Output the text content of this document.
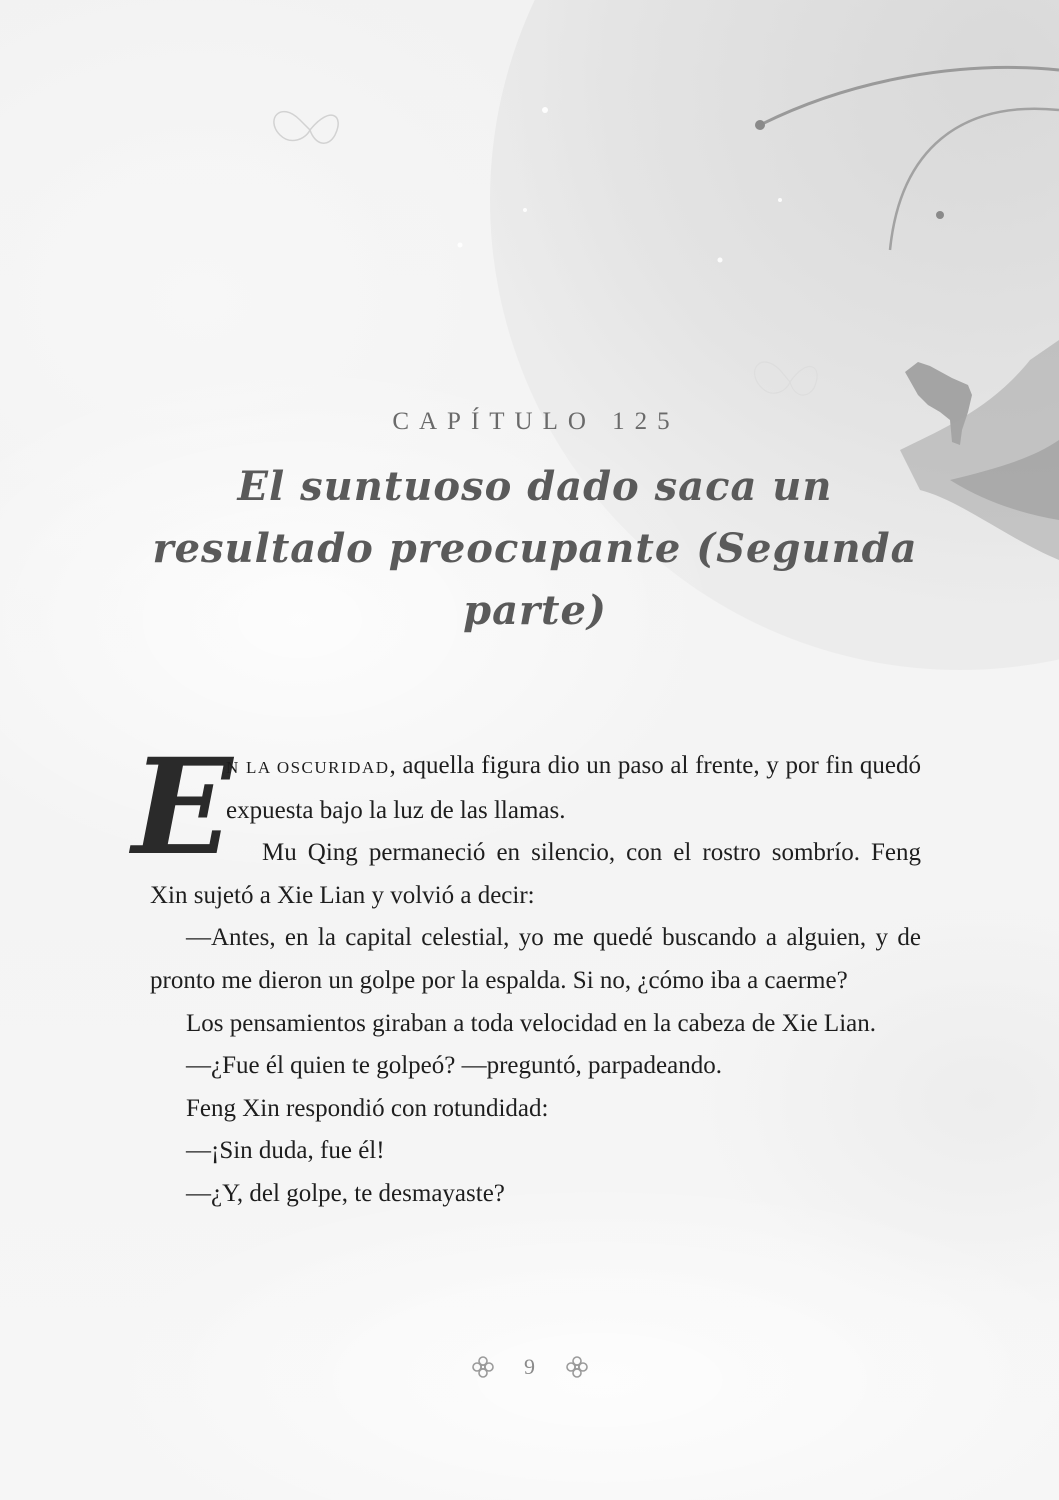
CAPÍTULO 125
El suntuoso dado saca un resultado preocupante (Segunda parte)

E
N LA OSCURIDAD, aquella figura dio un paso al frente, y por fin quedó expuesta bajo la luz de las llamas.

Mu Qing permaneció en silencio, con el rostro sombrío. Feng Xin sujetó a Xie Lian y volvió a decir:

—Antes, en la capital celestial, yo me quedé buscando a alguien, y de pronto me dieron un golpe por la espalda. Si no, ¿cómo iba a caerme?

Los pensamientos giraban a toda velocidad en la cabeza de Xie Lian.

—¿Fue él quien te golpeó? —preguntó, parpadeando.

Feng Xin respondió con rotundidad:

—¡Sin duda, fue él!

—¿Y, del golpe, te desmayaste?

9
